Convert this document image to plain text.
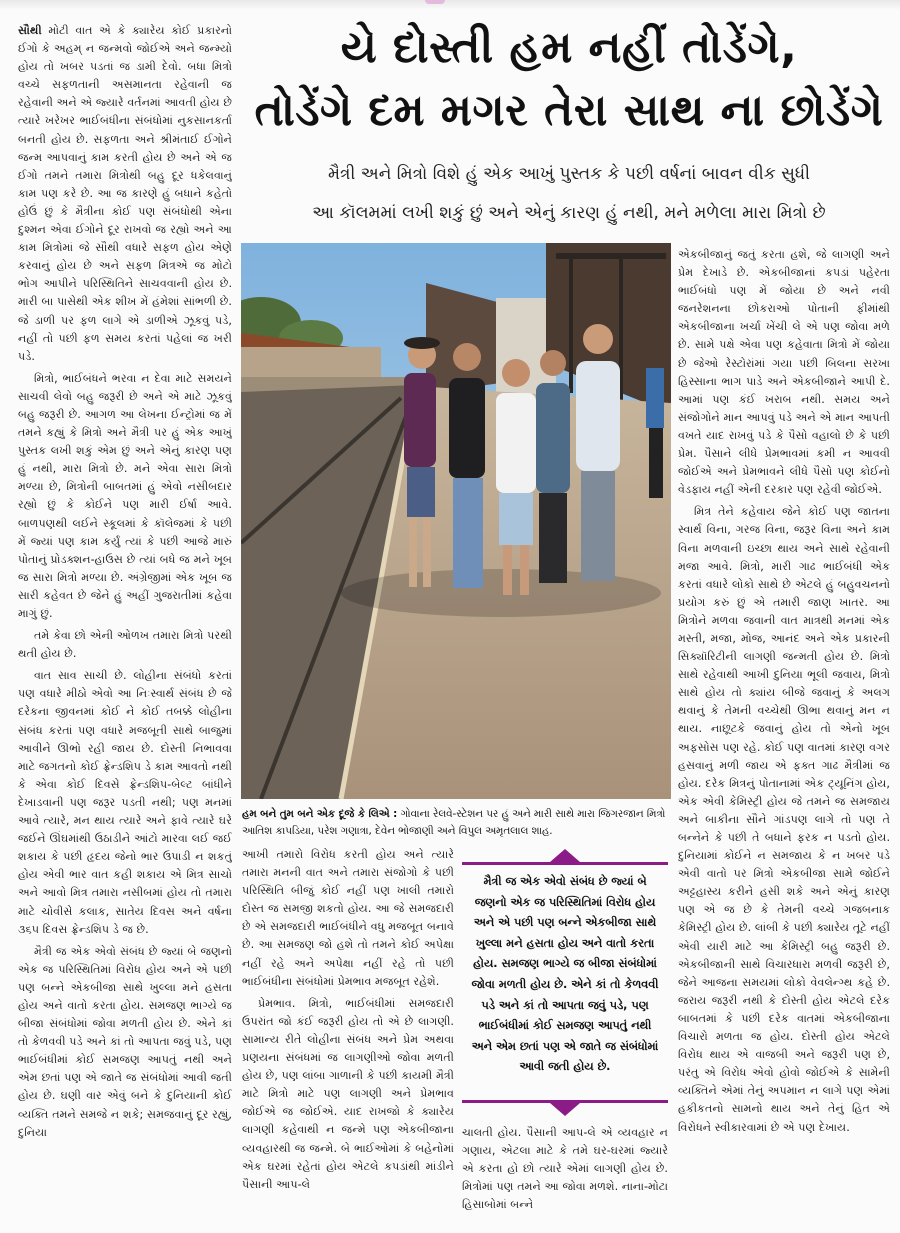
સૌથી મોટી વાત એ કે ક્યારેય કોઈ પ્રકારનો ઈગો કે અહમ્ ન જન્મવો જોઈએ અને જન્મ્યો હોય તો ખબર પડતાં જ ડામી દેવો. બધા મિત્રો વચ્ચે સફળતાની અસમાનતા રહેવાની જ રહેવાની અને એ જ્યારે વર્તનમાં આવતી હોય છે ત્યારે ખરેખર ભાઈબંધીના સંબંધોમાં નુકસાનકર્તા બનતી હોય છે. સફળતા અને શ્રીમંતાઈ ઈગોને જન્મ આપવાનું કામ કરતી હોય છે અને એ જ ઈગો તમને તમારા મિત્રોથી બહુ દૂર ધકેલવાનું કામ પણ કરે છે. આ જ કારણે હું બધાને કહેતો હોઉં છું કે મૈત્રીના કોઈ પણ સંબંધોથી એના દુશ્મન એવા ઈગોને દૂર રાખવો જ રહ્યો અને આ કામ મિત્રોમાં જે સૌથી વધારે સફળ હોય એણે કરવાનું હોય છે અને સફળ મિત્રએ જ મોટો ભોગ આપીને પરિસ્થિતિને સાચવવાની હોય છે. મારી બા પાસેથી એક શીખ મેં હંમેશાં સાંભળી છે. જે ડાળી પર ફળ લાગે એ ડાળીએ ઝૂકવું પડે, નહીં તો પછી ફળ સમય કરતાં પહેલાં જ ખરી પડે.

મિત્રો, ભાઈબંધને ભરવા ન દેવા માટે સમયને સાચવી લેવો બહુ જરૂરી છે અને એ માટે ઝૂકવું બહુ જરૂરી છે. આગળ આ લેખના ઈન્ટ્રોમાં જ મેં તમને કહ્યું કે મિત્રો અને મૈત્રી પર હું એક આખું પુસ્તક લખી શકું એમ છું અને એનું કારણ પણ હું નથી, મારા મિત્રો છે. મને એવા સારા મિત્રો મળ્યા છે, મિત્રોની બાબતમાં હું એવો નસીબદાર રહ્યો છું કે કોઈને પણ મારી ઈર્ષા આવે. બાળપણથી લઈને સ્કૂલમાં કે કૉલેજમાં કે પછી મેં જ્યાં પણ કામ કર્યું ત્યાં કે પછી આજે મારું પોતાનું પ્રોડક્શન-હાઉસ છે ત્યાં બધે જ મને ખૂબ જ સારા મિત્રો મળ્યા છે. અંગ્રેજીમાં એક ખૂબ જ સારી કહેવત છે જેને હું અહીં ગુજરાતીમાં કહેવા માગું છું.

તમે કેવા છો એની ઓળખ તમારા મિત્રો પરથી થતી હોય છે.

વાત સાવ સાચી છે. લોહીના સંબંધો કરતાં પણ વધારે મીઠો એવો આ નિઃસ્વાર્થ સંબંધ છે જે દરેકના જીવનમાં કોઈ ને કોઈ તબક્કે લોહીના સંબંધ કરતાં પણ વધારે મજબૂતી સાથે બાજુમાં આવીને ઊભો રહી જાય છે. દોસ્તી નિભાવવા માટે જગતનો કોઈ ફ્રેન્ડશિપ ડે કામ આવતો નથી કે એવા કોઈ દિવસે ફ્રેન્ડશિપ-બેલ્ટ બાંધીને દેખાડવાની પણ જરૂર પડતી નથી; પણ મનમાં આવે ત્યારે, મન થાય ત્યારે અને ફાવે ત્યારે ઘરે જઈને ઊંઘમાંથી ઉઠાડીને આંટો મારવા લઈ જઈ શકાય કે પછી હૃદય જેનો ભાર ઉપાડી ન શકતું હોય એવી ભાર વાત કહી શકાય એ મિત્ર સાચો અને આવો મિત્ર તમારા નસીબમાં હોય તો તમારા માટે ચોવીસે કલાક, સાતેય દિવસ અને વર્ષના ૩૬૫ દિવસ ફ્રેન્ડશિપ ડે જ છે.

મૈત્રી જ એક એવો સંબંધ છે જ્યાં બે જણનો એક જ પરિસ્થિતિમાં વિરોધ હોય અને એ પછી પણ બન્ને એકબીજા સાથે ખુલ્લા મને હસતા હોય અને વાતો કરતા હોય. સમજણ ભાગ્યે જ બીજા સંબંધોમાં જોવા મળતી હોય છે. એને કાં તો કેળવવી પડે અને કાં તો આપતા જવું પડે, પણ ભાઈબંધીમાં કોઈ સમજણ આપતું નથી અને એમ છતાં પણ એ જાતે જ સંબંધોમાં આવી જતી હોય છે. ઘણી વાર એવું બને કે દુનિયાની કોઈ વ્યક્તિ તમને સમજે ન શકે; સમજવાનું દૂર રહ્યું, દુનિયા

યે દોસ્તી હમ નહીં તોડેંગે,
તોડેંગે દમ મગર તેરા સાથ ના છોડેંગે
મૈત્રી અને મિત્રો વિશે હું એક આખું પુસ્તક કે પછી વર્ષનાં બાવન વીક સુધી
આ કૉલમમાં લખી શકું છું અને એનું કારણ હું નથી, મને મળેલા મારા મિત્રો છે
હમ બને તુમ બને એક દૂજે કે લિએ : ગોવાના રેલવે-સ્ટેશન પર હું અને મારી સાથે મારા જિગરજાન મિત્રો આતિશ કાપડિયા, પરેશ ગણાત્રા, દેવેન ભોજાણી અને વિપુલ અમૃતલાલ શાહ.

આખી તમારો વિરોધ કરતી હોય અને ત્યારે તમારા મનની વાત અને તમારા સંજોગો કે પછી પરિસ્થિતિ બીજું કોઈ નહીં પણ ખાલી તમારો દોસ્ત જ સમજી શકતો હોય. આ જે સમજદારી છે એ સમજદારી ભાઈબંધીને વધુ મજબૂત બનાવે છે. આ સમજણ જો હશે તો તમને કોઈ અપેક્ષા નહીં રહે અને અપેક્ષા નહીં રહે તો પછી ભાઈબંધીના સંબંધોમાં પ્રેમભાવ મજબૂત રહેશે.

પ્રેમભાવ. મિત્રો, ભાઈબંધીમાં સમજદારી ઉપરાંત જો કંઈ જરૂરી હોય તો એ છે લાગણી. સામાન્ય રીતે લોહીના સંબંધ અને પ્રેમ અથવા પ્રણયના સંબંધમાં જ લાગણીઓ જોવા મળતી હોય છે, પણ લાંબા ગાળાની કે પછી કાયમી મૈત્રી માટે મિત્રો માટે પણ લાગણી અને પ્રેમભાવ જોઈએ જ જોઈએ. યાદ રાખજો કે ક્યારેય લાગણી કહેવાથી ન જન્મે પણ એકબીજાના વ્યવહારથી જ જન્મે. બે ભાઈઓમાં કે બહેનોમાં એક ઘરમાં રહેતાં હોય એટલે કપડાંથી માંડીને પૈસાની આપ-લે

મૈત્રી જ એક એવો સંબંધ છે જ્યાં બે જણનો એક જ પરિસ્થિતિમાં વિરોધ હોય અને એ પછી પણ બન્ને એકબીજા સાથે ખુલ્લા મને હસતા હોય અને વાતો કરતા હોય. સમજણ ભાગ્યે જ બીજા સંબંધોમાં જોવા મળતી હોય છે. એને કાં તો કેળવવી પડે અને કાં તો આપતા જવું પડે, પણ ભાઈબંધીમાં કોઈ સમજણ આપતું નથી અને એમ છતાં પણ એ જાતે જ સંબંધોમાં આવી જતી હોય છે.

ચાલતી હોય. પૈસાની આપ-લે એ વ્યવહાર ન ગણાય, એટલા માટે કે તમે ઘર-ઘરમાં જ્યારે એ કરતા હો છો ત્યારે એમાં લાગણી હોય છે. મિત્રોમાં પણ તમને આ જોવા મળશે. નાના-મોટા હિસાબોમાં બન્ને

એકબીજાનું જતું કરતા હશે, જે લાગણી અને પ્રેમ દેખાડે છે. એકબીજાનાં કપડાં પહેરતા ભાઈબંધો પણ મેં જોયા છે અને નવી જનરેશનના છોકરાઓ પોતાની ફીમાંથી એકબીજાના ખર્ચા ખેંચી લે એ પણ જોવા મળે છે. સામે પક્ષે એવા પણ કહેવાતા મિત્રો મેં જોયા છે જેઓ રેસ્ટોરાંમાં ગયા પછી બિલના સરખા હિસ્સાના ભાગ પાડે અને એકબીજાને આપી દે. આમાં પણ કંઈ ખરાબ નથી. સમય અને સંજોગોને માન આપવું પડે અને એ માન આપતી વખતે યાદ રાખવું પડે કે પૈસો વહાલો છે કે પછી પ્રેમ. પૈસાને લીધે પ્રેમભાવમાં કમી ન આવવી જોઈએ અને પ્રેમભાવને લીધે પૈસો પણ કોઈનો વેડફાય નહીં એની દરકાર પણ રહેવી જોઈએ.

મિત્ર તેને કહેવાય જેને કોઈ પણ જાતના સ્વાર્થ વિના, ગરજ વિના, જરૂર વિના અને કામ વિના મળવાની ઇચ્છા થાય અને સાથે રહેવાની મજા આવે. મિત્રો, મારી ગાઢ ભાઈબંધી એક કરતાં વધારે લોકો સાથે છે એટલે હું બહુવચનનો પ્રયોગ કરું છું એ તમારી જાણ ખાતર. આ મિત્રોને મળવા જવાની વાત માત્રથી મનમાં એક મસ્તી, મજા, મોજ, આનંદ અને એક પ્રકારની સિક્યૉરિટીની લાગણી જન્મતી હોય છે. મિત્રો સાથે રહેવાથી આખી દુનિયા ભૂલી જવાય, મિત્રો સાથે હોય તો ક્યાંય બીજે જવાનું કે અલગ થવાનું કે તેમની વચ્ચેથી ઊભા થવાનું મન ન થાય. નાછૂટકે જવાનું હોય તો એનો ખૂબ અફસોસ પણ રહે. કોઈ પણ વાતમાં કારણ વગર હસવાનું મળી જાય એ ફક્ત ગાઢ મૈત્રીમાં જ હોય. દરેક મિત્રનું પોતાનામાં એક ટ્યૂનિંગ હોય, એક એવી કેમિસ્ટ્રી હોય જે તમને જ સમજાય અને બાકીના સૌને ગાંડપણ લાગે તો પણ તે બન્નેને કે પછી તે બધાને ફરક ન પડતો હોય. દુનિયામાં કોઈને ન સમજાય કે ન ખબર પડે એવી વાતો પર મિત્રો એકબીજા સામે જોઈને અટ્ટહાસ્ય કરીને હસી શકે અને એનું કારણ પણ એ જ છે કે તેમની વચ્ચે ગજબનાક કેમિસ્ટ્રી હોય છે. લાંબી કે પછી ક્યારેય તૂટે નહીં એવી યારી માટે આ કેમિસ્ટ્રી બહુ જરૂરી છે. એકબીજાની સાથે વિચારધારા મળવી જરૂરી છે, જેને આજના સમયમાં લોકો વેવલેન્ગ્થ કહે છે. જરાય જરૂરી નથી કે દોસ્તી હોય એટલે દરેક બાબતમાં કે પછી દરેક વાતમાં એકબીજાના વિચારો મળતા જ હોય. દોસ્તી હોય એટલે વિરોધ થાય એ વાજબી અને જરૂરી પણ છે, પરંતુ એ વિરોધ એવો હોવો જોઈએ કે સામેની વ્યક્તિને એમાં તેનું અપમાન ન લાગે પણ એમાં હકીકતનો સામનો થાય અને તેનું હિત એ વિરોધને સ્વીકારવામાં છે એ પણ દેખાય.
